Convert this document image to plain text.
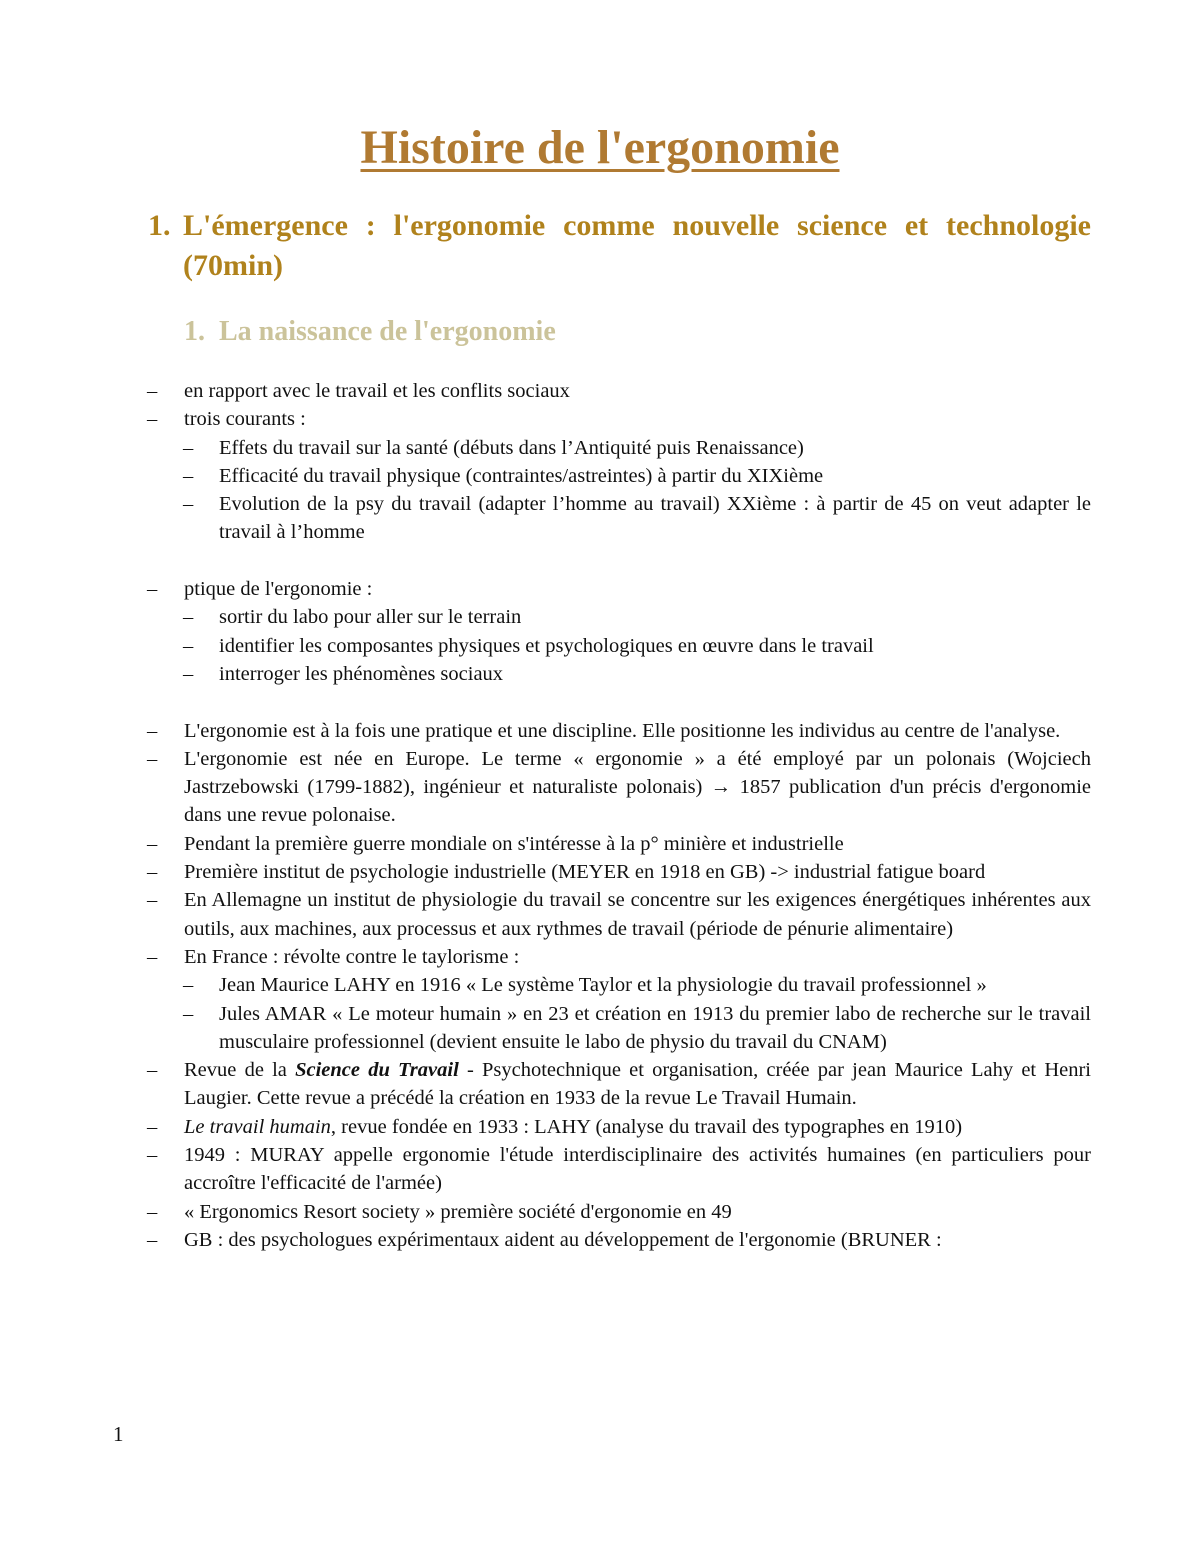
Histoire de l'ergonomie
1. L'émergence : l'ergonomie comme nouvelle science et technologie (70min)
1. La naissance de l'ergonomie
– en rapport avec le travail et les conflits sociaux
– trois courants :
– Effets du travail sur la santé (débuts dans l’Antiquité puis Renaissance)
– Efficacité du travail physique (contraintes/astreintes) à partir du XIXième
– Evolution de la psy du travail (adapter l’homme au travail) XXième : à partir de 45 on veut adapter le travail à l’homme
– ptique de l'ergonomie :
– sortir du labo pour aller sur le terrain
– identifier les composantes physiques et psychologiques en œuvre dans le travail
– interroger les phénomènes sociaux
– L'ergonomie est à la fois une pratique et une discipline. Elle positionne les individus au centre de l'analyse.
– L'ergonomie est née en Europe. Le terme « ergonomie » a été employé par un polonais (Wojciech Jastrzebowski (1799-1882), ingénieur et naturaliste polonais) → 1857 publication d'un précis d'ergonomie dans une revue polonaise.
– Pendant la première guerre mondiale on s'intéresse à la p° minière et industrielle
– Première institut de psychologie industrielle (MEYER en 1918 en GB) -> industrial fatigue board
– En Allemagne un institut de physiologie du travail se concentre sur les exigences énergétiques inhérentes aux outils, aux machines, aux processus et aux rythmes de travail (période de pénurie alimentaire)
– En France : révolte contre le taylorisme :
– Jean Maurice LAHY en 1916 « Le système Taylor et la physiologie du travail professionnel »
– Jules AMAR « Le moteur humain » en 23 et création en 1913 du premier labo de recherche sur le travail musculaire professionnel (devient ensuite le labo de physio du travail du CNAM)
– Revue de la Science du Travail - Psychotechnique et organisation, créée par jean Maurice Lahy et Henri Laugier. Cette revue a précédé la création en 1933 de la revue Le Travail Humain.
– Le travail humain, revue fondée en 1933 : LAHY (analyse du travail des typographes en 1910)
– 1949 : MURAY appelle ergonomie l'étude interdisciplinaire des activités humaines (en particuliers pour accroître l'efficacité de l'armée)
– « Ergonomics Resort society » première société d'ergonomie en 49
– GB : des psychologues expérimentaux aident au développement de l'ergonomie (BRUNER :
1
